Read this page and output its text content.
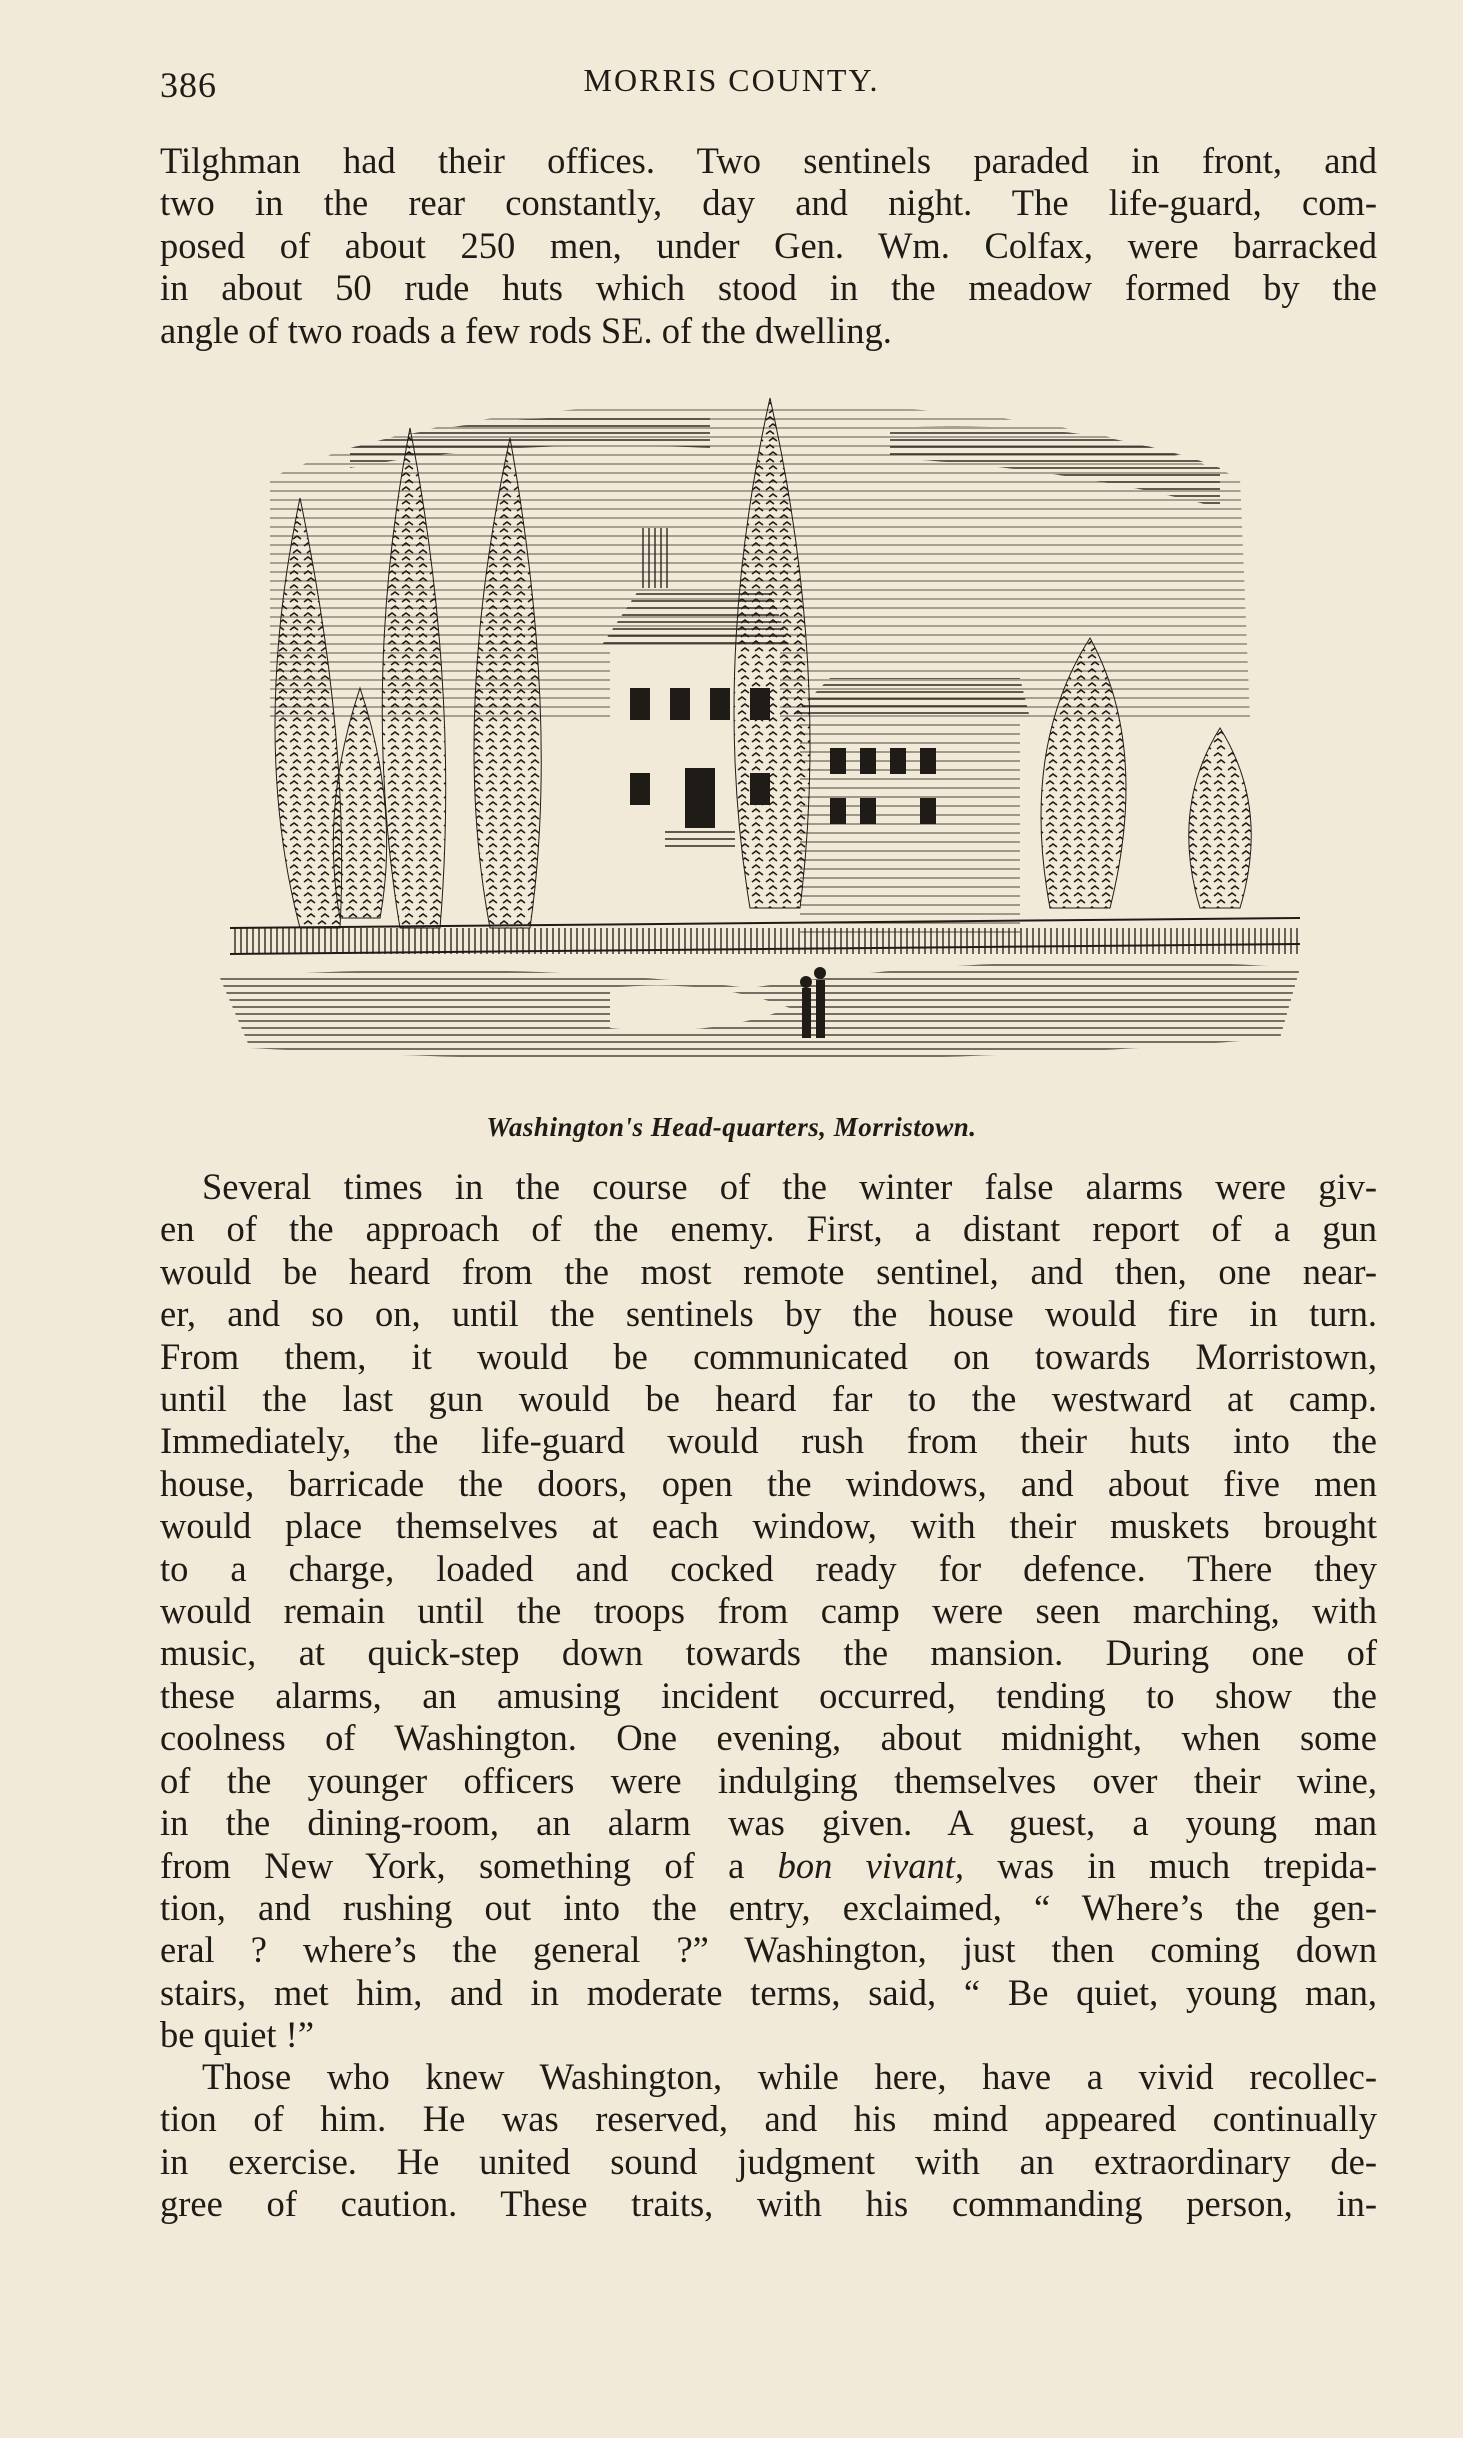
386	MORRIS COUNTY.
Tilghman had their offices. Two sentinels paraded in front, and
two in the rear constantly, day and night. The life-guard, com-
posed of about 250 men, under Gen. Wm. Colfax, were barracked
in about 50 rude huts which stood in the meadow formed by the
angle of two roads a few rods SE. of the dwelling.
Washington's Head-quarters, Morristown.
Several times in the course of the winter false alarms were giv-
en of the approach of the enemy. First, a distant report of a gun
would be heard from the most remote sentinel, and then, one near-
er, and so on, until the sentinels by the house would fire in turn.
From them, it would be communicated on towards Morristown,
until the last gun would be heard far to the westward at camp.
Immediately, the life-guard would rush from their huts into the
house, barricade the doors, open the windows, and about five men
would place themselves at each window, with their muskets brought
to a charge, loaded and cocked ready for defence. There they
would remain until the troops from camp were seen marching, with
music, at quick-step down towards the mansion. During one of
these alarms, an amusing incident occurred, tending to show the
coolness of Washington. One evening, about midnight, when some
of the younger officers were indulging themselves over their wine,
in the dining-room, an alarm was given. A guest, a young man
from New York, something of a bon vivant, was in much trepida-
tion, and rushing out into the entry, exclaimed, “ Where’s the gen-
eral ? where’s the general ?” Washington, just then coming down
stairs, met him, and in moderate terms, said, “ Be quiet, young man,
be quiet !”
Those who knew Washington, while here, have a vivid recollec-
tion of him. He was reserved, and his mind appeared continually
in exercise. He united sound judgment with an extraordinary de-
gree of caution. These traits, with his commanding person, in-
